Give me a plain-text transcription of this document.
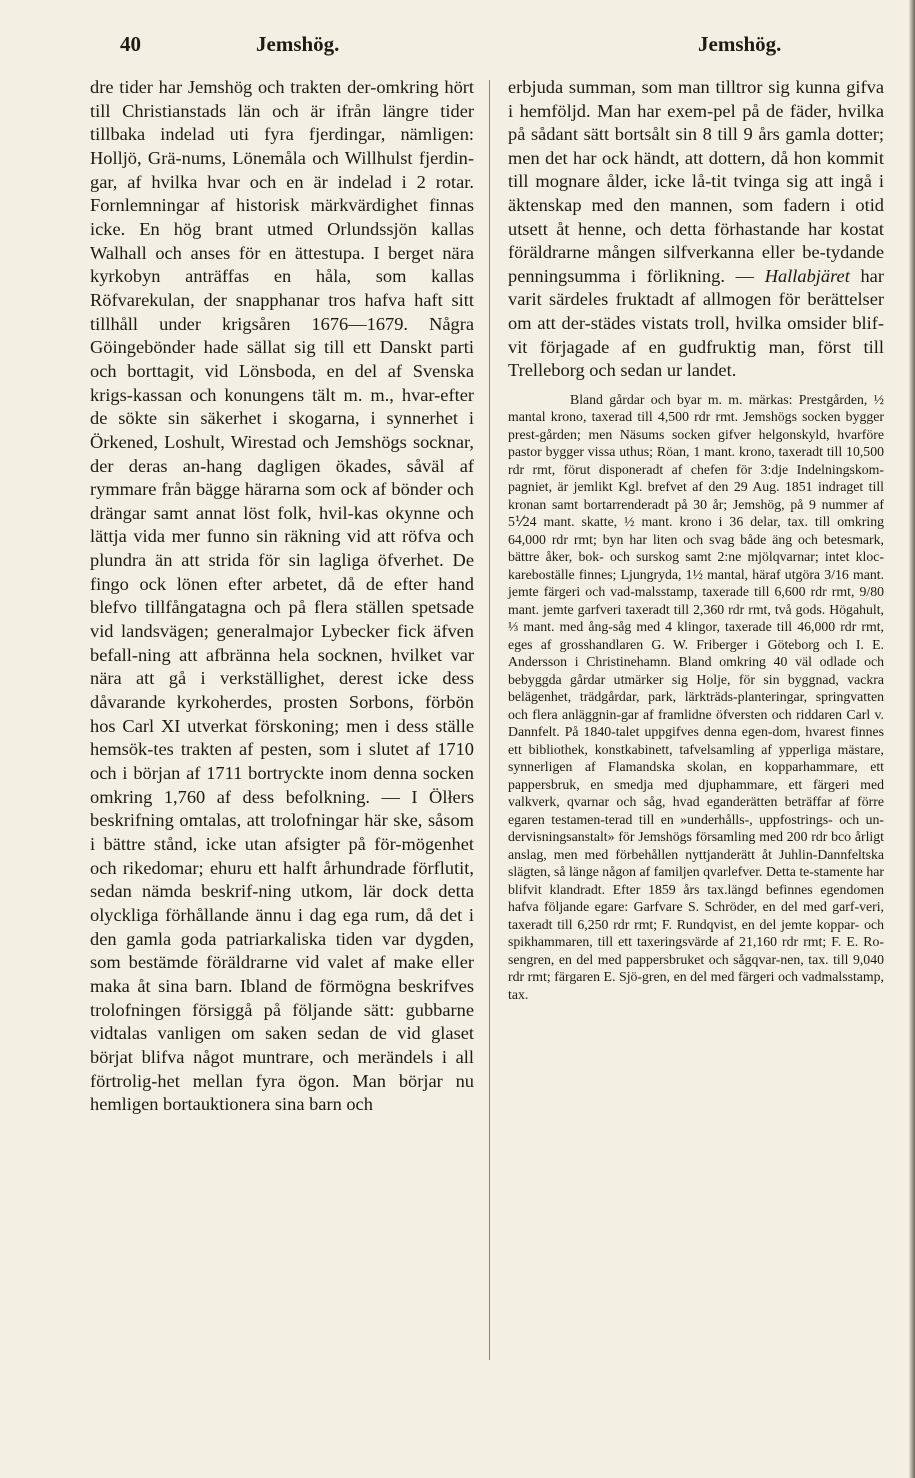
40	Jemshög.	Jemshög.

dre tider har Jemshög och trakten der-omkring hört till Christianstads län och är ifrån längre tider tillbaka indelad uti fyra fjerdingar, nämligen: Holljö, Grä-nums, Lönemåla och Willhulst fjerdin-gar, af hvilka hvar och en är indelad i 2 rotar. Fornlemningar af historisk märkvärdighet finnas icke. En hög brant utmed Orlundssjön kallas Walhall och anses för en ättestupa. I berget nära kyrkobyn anträffas en håla, som kallas Röfvarekulan, der snapphanar tros hafva haft sitt tillhåll under krigsåren 1676—1679. Några Göingebönder hade sällat sig till ett Danskt parti och borttagit, vid Lönsboda, en del af Svenska krigs-kassan och konungens tält m. m., hvar-efter de sökte sin säkerhet i skogarna, i synnerhet i Örkened, Loshult, Wirestad och Jemshögs socknar, der deras an-hang dagligen ökades, såväl af rymmare från bägge härarna som ock af bönder och drängar samt annat löst folk, hvil-kas okynne och lättja vida mer funno sin räkning vid att röfva och plundra än att strida för sin lagliga öfverhet. De fingo ock lönen efter arbetet, då de efter hand blefvo tillfångatagna och på flera ställen spetsade vid landsvägen; generalmajor Lybecker fick äfven befall-ning att afbränna hela socknen, hvilket var nära att gå i verkställighet, derest icke dess dåvarande kyrkoherdes, prosten Sorbons, förbön hos Carl XI utverkat förskoning; men i dess ställe hemsök-tes trakten af pesten, som i slutet af 1710 och i början af 1711 bortryckte inom denna socken omkring 1,760 af dess befolkning. — I Ölłers beskrifning omtalas, att trolofningar här ske, såsom i bättre stånd, icke utan afsigter på för-mögenhet och rikedomar; ehuru ett halft århundrade förflutit, sedan nämda beskrif-ning utkom, lär dock detta olyckliga förhållande ännu i dag ega rum, då det i den gamla goda patriarkaliska tiden var dygden, som bestämde föräldrarne vid valet af make eller maka åt sina barn. Ibland de förmögna beskrifves trolofningen försiggå på följande sätt: gubbarne vidtalas vanligen om saken sedan de vid glaset börjat blifva något muntrare, och merändels i all förtrolig-het mellan fyra ögon. Man börjar nu hemligen bortauktionera sina barn och

erbjuda summan, som man tilltror sig kunna gifva i hemföljd. Man har exem-pel på de fäder, hvilka på sådant sätt bortsålt sin 8 till 9 års gamla dotter; men det har ock händt, att dottern, då hon kommit till mognare ålder, icke lå-tit tvinga sig att ingå i äktenskap med den mannen, som fadern i otid utsett åt henne, och detta förhastande har kostat föräldrarne mången silfverkanna eller be-tydande penningsumma i förlikning. — Hallabjäret har varit särdeles fruktadt af allmogen för berättelser om att der-städes vistats troll, hvilka omsider blif-vit förjagade af en gudfruktig man, först till Trelleborg och sedan ur landet.

Bland gårdar och byar m. m. märkas: Prestgården, ½ mantal krono, taxerad till 4,500 rdr rmt. Jemshögs socken bygger prest-gården; men Näsums socken gifver helgonskyld, hvarföre pastor bygger vissa uthus; Röan, 1 mant. krono, taxeradt till 10,500 rdr rmt, förut disponeradt af chefen för 3:dje Indelningskom-pagniet, är jemlikt Kgl. brefvet af den 29 Aug. 1851 indraget till kronan samt bortarrenderadt på 30 år; Jemshög, på 9 nummer af 5⅟24 mant. skatte, ½ mant. krono i 36 delar, tax. till omkring 64,000 rdr rmt; byn har liten och svag både äng och betesmark, bättre åker, bok- och surskog samt 2:ne mjölqvarnar; intet kloc-kareboställe finnes; Ljungryda, 1½ mantal, häraf utgöra 3/16 mant. jemte färgeri och vad-malsstamp, taxerade till 6,600 rdr rmt, 9/80 mant. jemte garfveri taxeradt till 2,360 rdr rmt, två gods. Högahult, ⅓ mant. med ång-såg med 4 klingor, taxerade till 46,000 rdr rmt, eges af grosshandlaren G. W. Friberger i Göteborg och I. E. Andersson i Christinehamn. Bland omkring 40 väl odlade och bebyggda gårdar utmärker sig Holje, för sin byggnad, vackra belägenhet, trädgårdar, park, lärkträds-planteringar, springvatten och flera anläggnin-gar af framlidne öfversten och riddaren Carl v. Dannfelt. På 1840-talet uppgifves denna egen-dom, hvarest finnes ett bibliothek, konstkabinett, tafvelsamling af ypperliga mästare, synnerligen af Flamandska skolan, en kopparhammare, ett pappersbruk, en smedja med djuphammare, ett färgeri med valkverk, qvarnar och såg, hvad eganderätten beträffar af förre egaren testamen-terad till en »underhålls-, uppfostrings- och un-dervisningsanstalt» för Jemshögs församling med 200 rdr bco årligt anslag, men med förbehållen nyttjanderätt åt Juhlin-Dannfeltska slägten, så länge någon af familjen qvarlefver. Detta te-stamente har blifvit klandradt. Efter 1859 års tax.längd befinnes egendomen hafva följande egare: Garfvare S. Schröder, en del med garf-veri, taxeradt till 6,250 rdr rmt; F. Rundqvist, en del jemte koppar- och spikhammaren, till ett taxeringsvärde af 21,160 rdr rmt; F. E. Ro-sengren, en del med pappersbruket och sågqvar-nen, tax. till 9,040 rdr rmt; färgaren E. Sjö-gren, en del med färgeri och vadmalsstamp, tax.
